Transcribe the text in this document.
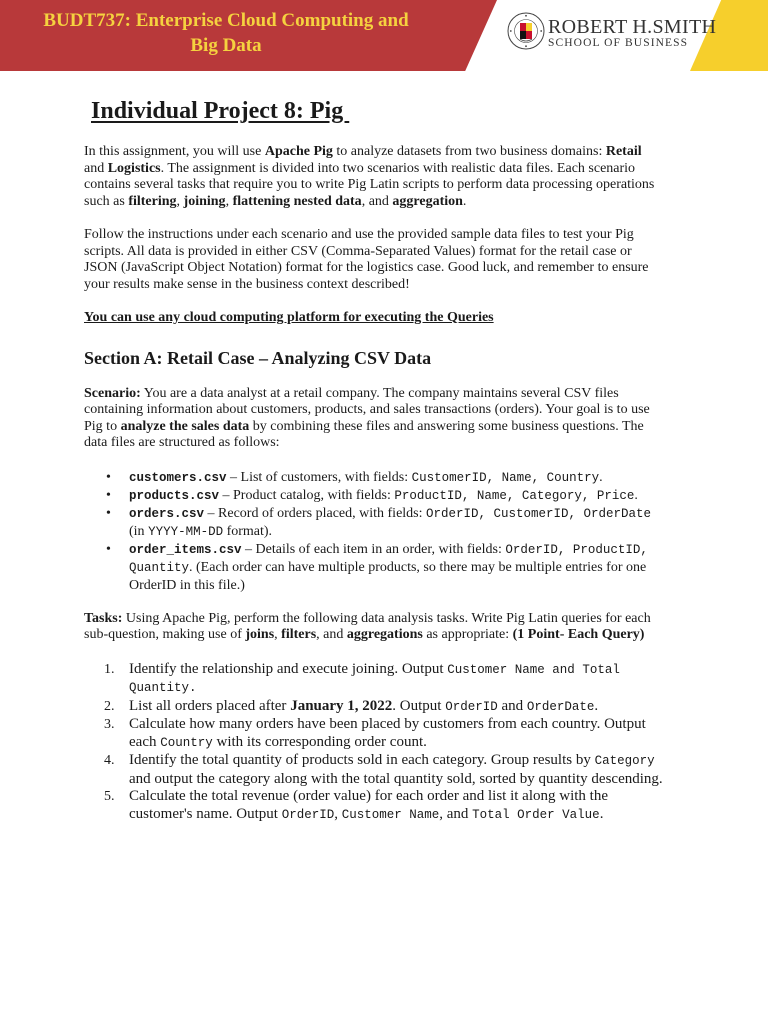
BUDT737: Enterprise Cloud Computing and Big Data
ROBERT H.SMITH
SCHOOL OF BUSINESS
Individual Project 8: Pig

In this assignment, you will use Apache Pig to analyze datasets from two business domains: Retail and Logistics. The assignment is divided into two scenarios with realistic data files. Each scenario contains several tasks that require you to write Pig Latin scripts to perform data processing operations such as filtering, joining, flattening nested data, and aggregation.

Follow the instructions under each scenario and use the provided sample data files to test your Pig scripts. All data is provided in either CSV (Comma-Separated Values) format for the retail case or JSON (JavaScript Object Notation) format for the logistics case. Good luck, and remember to ensure your results make sense in the business context described!

You can use any cloud computing platform for executing the Queries

Section A: Retail Case – Analyzing CSV Data

Scenario: You are a data analyst at a retail company. The company maintains several CSV files containing information about customers, products, and sales transactions (orders). Your goal is to use Pig to analyze the sales data by combining these files and answering some business questions. The data files are structured as follows:

• customers.csv – List of customers, with fields: CustomerID, Name, Country.
• products.csv – Product catalog, with fields: ProductID, Name, Category, Price.
• orders.csv – Record of orders placed, with fields: OrderID, CustomerID, OrderDate
(in YYYY-MM-DD format).
• order_items.csv – Details of each item in an order, with fields: OrderID, ProductID, Quantity. (Each order can have multiple products, so there may be multiple entries for one OrderID in this file.)

Tasks: Using Apache Pig, perform the following data analysis tasks. Write Pig Latin queries for each sub-question, making use of joins, filters, and aggregations as appropriate: (1 Point- Each Query)

1. Identify the relationship and execute joining. Output Customer Name and Total Quantity.
2. List all orders placed after January 1, 2022. Output OrderID and OrderDate.
3. Calculate how many orders have been placed by customers from each country. Output each Country with its corresponding order count.
4. Identify the total quantity of products sold in each category. Group results by Category and output the category along with the total quantity sold, sorted by quantity descending.
5. Calculate the total revenue (order value) for each order and list it along with the customer's name. Output OrderID, Customer Name, and Total Order Value.
